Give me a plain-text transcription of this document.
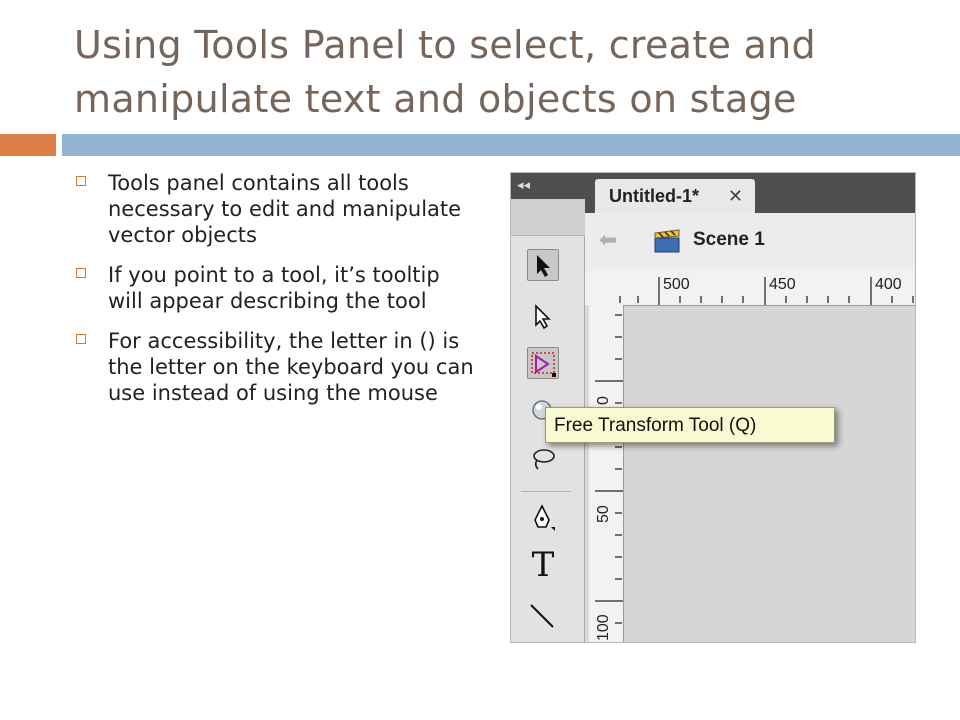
Using Tools Panel to select, create and
manipulate text and objects on stage
Tools panel contains all tools necessary to edit and manipulate vector objects
If you point to a tool, it’s tooltip will appear describing the tool
For accessibility, the letter in () is the letter on the keyboard you can use instead of using the mouse
◂◂
T
Untitled-1* ✕
⬅	Scene 1
500	450	400
0
50
100
Free Transform Tool (Q)
